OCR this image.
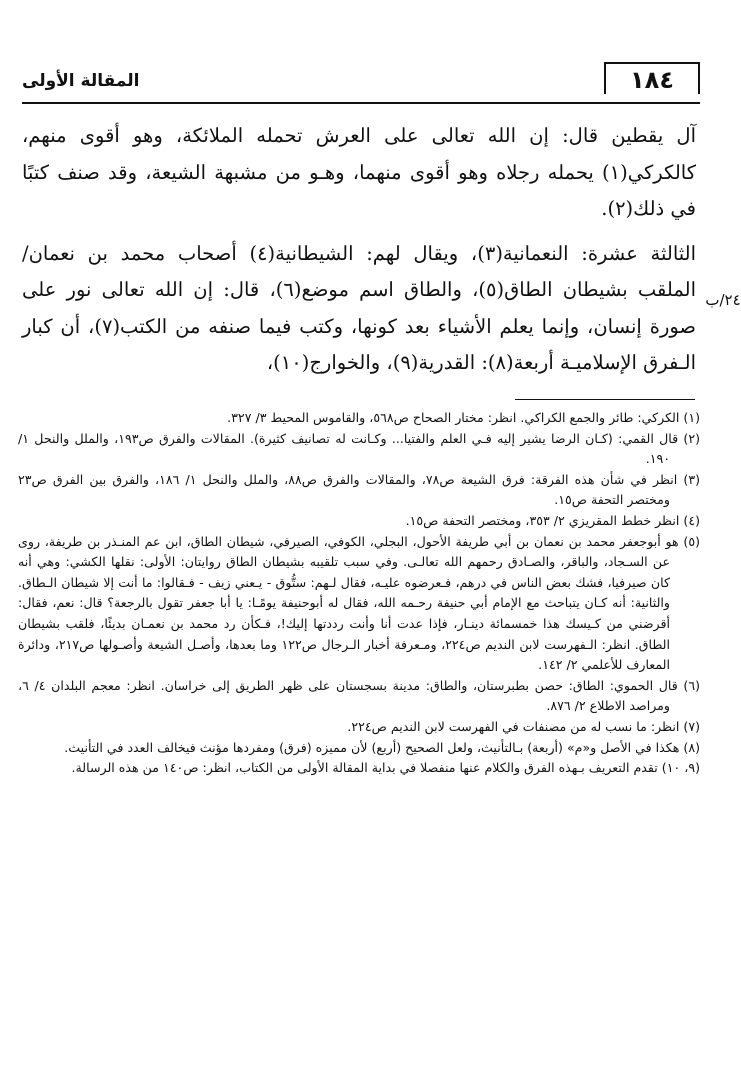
١٨٤
المقالة الأولى
٢٤/ب

آل يقطين قال: إن الله تعالى على العرش تحمله الملائكة، وهو أقوى منهم، كالكركي(١) يحمله رجلاه وهو أقوى منهما، وهـو من مشبهة الشيعة، وقد صنف كتبًا في ذلك(٢).

الثالثة عشرة: النعمانية(٣)، ويقال لهم: الشيطانية(٤) أصحاب محمد بن نعمان/ الملقب بشيطان الطاق(٥)، والطاق اسم موضع(٦)، قال: إن الله تعالى نور على صورة إنسان، وإنما يعلم الأشياء بعد كونها، وكتب فيما صنفه من الكتب(٧)، أن كبار الـفرق الإسلاميـة أربعة(٨): القدرية(٩)، والخوارج(١٠)،

(١) الكركي: طائر والجمع الكراكي. انظر: مختار الصحاح ص٥٦٨، والقاموس المحيط ٣/ ٣٢٧.

(٢) قال القمي: (كـان الرضا يشير إليه فـي العلم والفتيا... وكـانت له تصانيف كثيرة). المقالات والفرق ص١٩٣، والملل والنحل ١/ ١٩٠.

(٣) انظر في شأن هذه الفرقة: فرق الشيعة ص٧٨، والمقالات والفرق ص٨٨، والملل والنحل ١/ ١٨٦، والفرق بين الفرق ص٢٣ ومختصر التحفة ص١٥.

(٤) انظر خطط المقريزي ٢/ ٣٥٣، ومختصر التحفة ص١٥.

(٥) هو أبوجعفر محمد بن نعمان بن أبي طريفة الأحول، البجلي، الكوفي، الصيرفي، شيطان الطاق، ابن عم المنـذر بن طريفة، روى عن السـجاد، والباقر، والصـادق رحمهم الله تعالـى. وفي سبب تلقيبه بشيطان الطاق روايتان: الأولى: نقلها الكشي: وهي أنه كان صيرفيا، فشك بعض الناس في درهم، فـعرضوه عليـه، فقال لـهم: ستُّوق - يـعني زيف - فـقالوا: ما أنت إلا شيطان الـطاق. والثانية: أنه كـان يتباحث مع الإمام أبي حنيفة رحـمه الله، فقال له أبوحنيفة يومًـا: يا أبا جعفر تقول بالرجعة؟ قال: نعم، فقال: أقرضني من كـيسك هذا خمسمائة دينـار، فإذا عدت أنا وأنت رددتها إليك!، فـكأن رد محمد بن نعمـان بديئًا، فلقب بشيطان الطاق. انظر: الـفهرست لابن النديم ص٢٢٤، ومـعرفة أخبار الـرجال ص١٢٢ وما بعدها، وأصـل الشيعة وأصـولها ص٢١٧، ودائرة المعارف للأعلمي ٢/ ١٤٢.

(٦) قال الحموي: الطاق: حصن بطبرستان، والطاق: مدينة بسجستان على ظهر الطريق إلى خراسان. انظر: معجم البلدان ٤/ ٦، ومراصد الاطلاع ٢/ ٨٧٦.

(٧) انظر: ما نسب له من مصنفات في الفهرست لابن النديم ص٢٢٤.

(٨) هكذا في الأصل و«م» (أربعة) بـالتأنيث، ولعل الصحيح (أربع) لأن مميزه (فرق) ومفردها مؤنث فيخالف العدد في التأنيث.

(٩، ١٠) تقدم التعريف بـهذه الفرق والكلام عنها منفصلا في بداية المقالة الأولى من الكتاب، انظر: ص١٤٠ من هذه الرسالة.
